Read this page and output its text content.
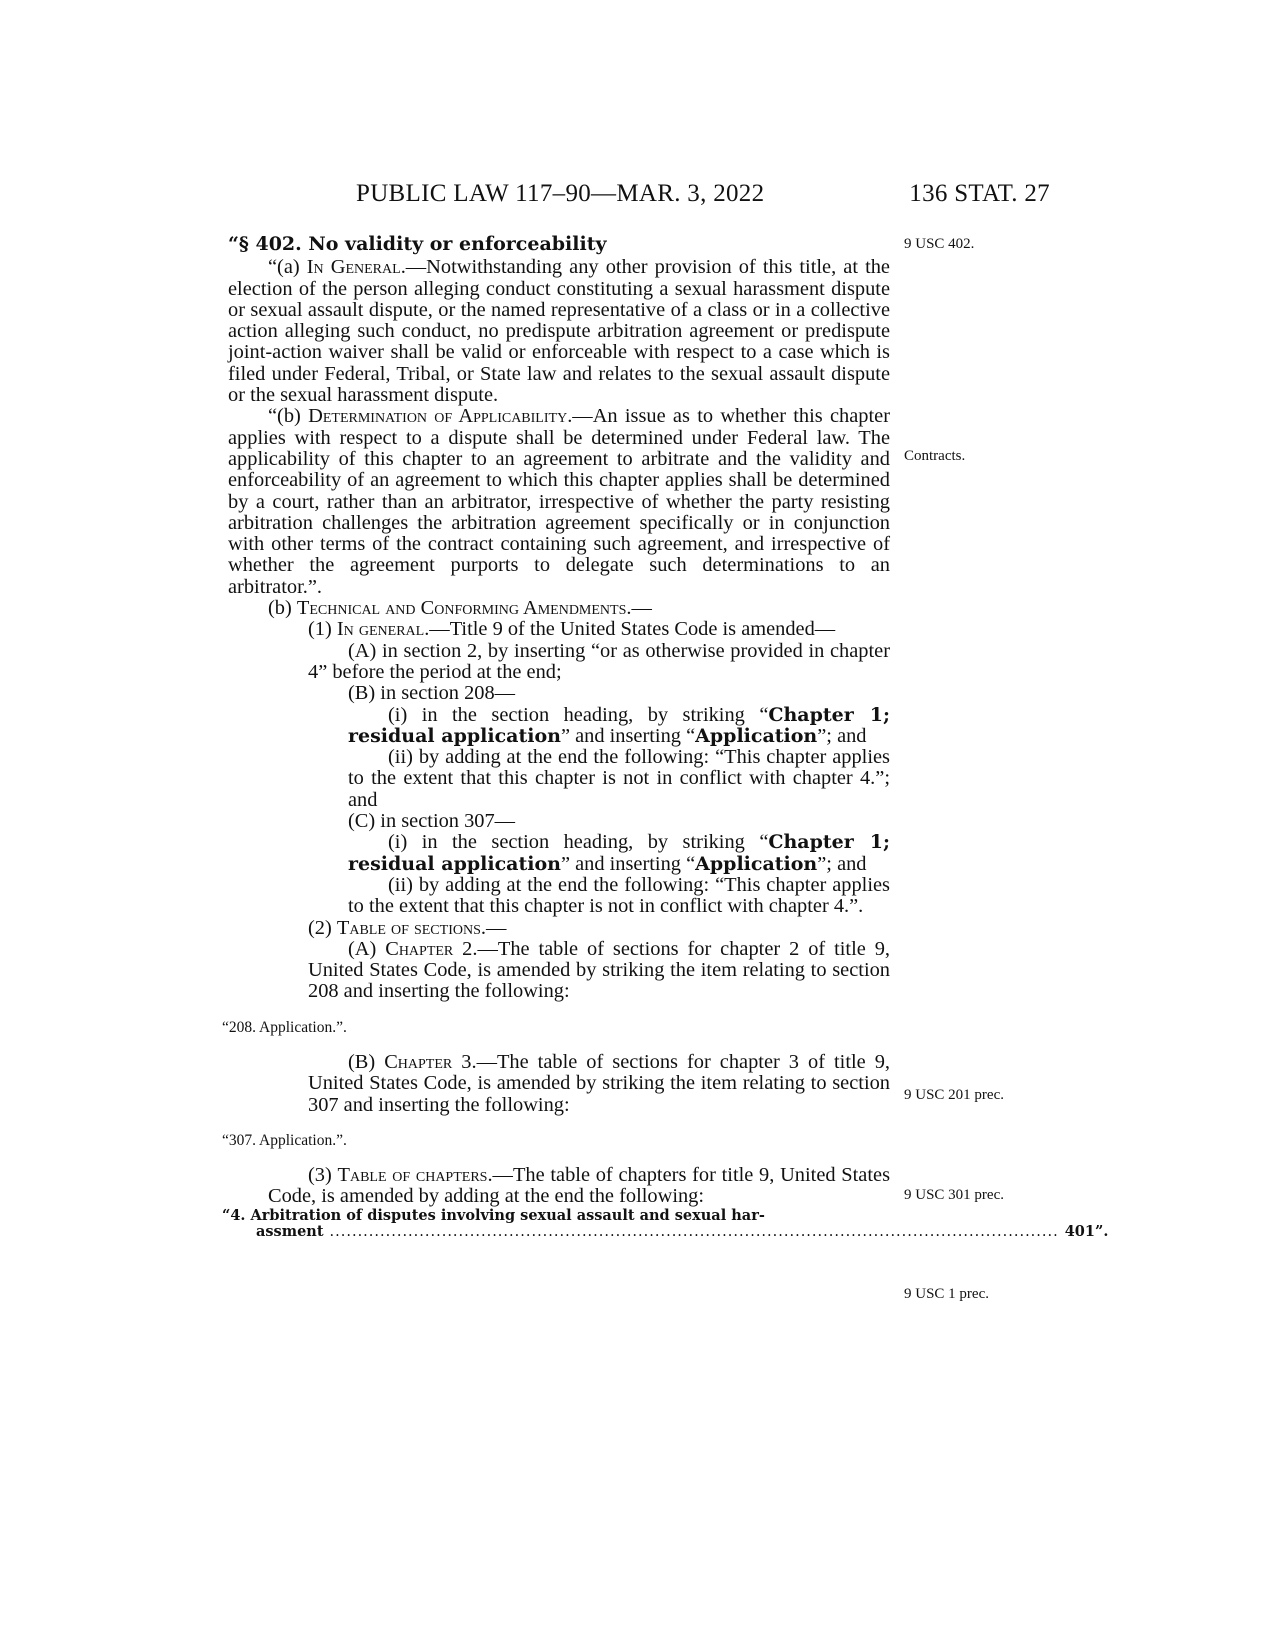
PUBLIC LAW 117–90—MAR. 3, 2022	136 STAT. 27
9 USC 402.
Contracts.
9 USC 201 prec.
9 USC 301 prec.
9 USC 1 prec.

“§ 402. No validity or enforceability

“(a) In General.—Notwithstanding any other provision of this title, at the election of the person alleging conduct constituting a sexual harassment dispute or sexual assault dispute, or the named representative of a class or in a collective action alleging such conduct, no predispute arbitration agreement or predispute joint-action waiver shall be valid or enforceable with respect to a case which is filed under Federal, Tribal, or State law and relates to the sexual assault dispute or the sexual harassment dispute.

“(b) Determination of Applicability.—An issue as to whether this chapter applies with respect to a dispute shall be determined under Federal law. The applicability of this chapter to an agreement to arbitrate and the validity and enforceability of an agreement to which this chapter applies shall be determined by a court, rather than an arbitrator, irrespective of whether the party resisting arbitration challenges the arbitration agreement specifically or in conjunction with other terms of the contract containing such agreement, and irrespective of whether the agreement purports to delegate such determinations to an arbitrator.”.

(b) Technical and Conforming Amendments.—

(1) In general.—Title 9 of the United States Code is amended—

(A) in section 2, by inserting “or as otherwise provided in chapter 4” before the period at the end;

(B) in section 208—

(i) in the section heading, by striking “Chapter 1; residual application” and inserting “Application”; and

(ii) by adding at the end the following: “This chapter applies to the extent that this chapter is not in conflict with chapter 4.”; and

(C) in section 307—

(i) in the section heading, by striking “Chapter 1; residual application” and inserting “Application”; and

(ii) by adding at the end the following: “This chapter applies to the extent that this chapter is not in conflict with chapter 4.”.

(2) Table of sections.—

(A) Chapter 2.—The table of sections for chapter 2 of title 9, United States Code, is amended by striking the item relating to section 208 and inserting the following:

“208. Application.”.

(B) Chapter 3.—The table of sections for chapter 3 of title 9, United States Code, is amended by striking the item relating to section 307 and inserting the following:

“307. Application.”.

(3) Table of chapters.—The table of chapters for title 9, United States Code, is amended by adding at the end the following:

“4. Arbitration of disputes involving sexual assault and sexual har-
assment .................................................................................................................................. 401”.
